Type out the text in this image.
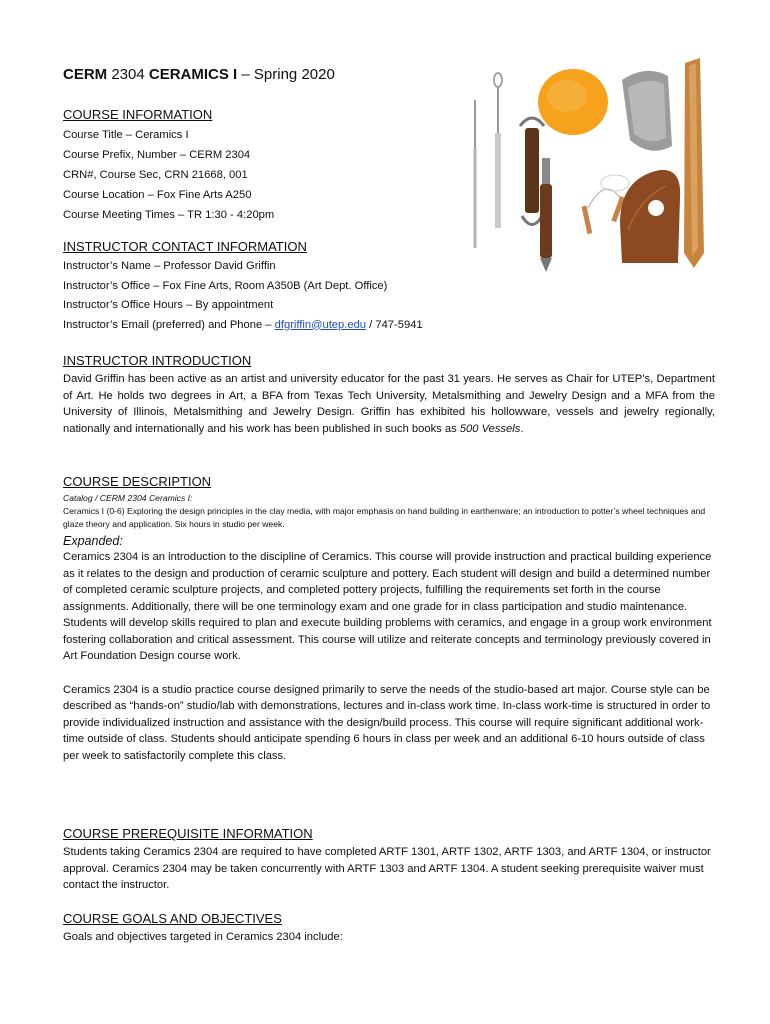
CERM 2304 CERAMICS I – Spring 2020
COURSE INFORMATION
Course Title – Ceramics I
Course Prefix, Number – CERM 2304
CRN#, Course Sec, CRN 21668, 001
Course Location – Fox Fine Arts A250
Course Meeting Times – TR 1:30 - 4:20pm
INSTRUCTOR CONTACT INFORMATION
Instructor’s Name – Professor David Griffin
Instructor’s Office – Fox Fine Arts, Room A350B (Art Dept. Office)
Instructor’s Office Hours – By appointment
Instructor’s Email (preferred) and Phone – dfgriffin@utep.edu / 747-5941
INSTRUCTOR INTRODUCTION
David Griffin has been active as an artist and university educator for the past 31 years. He serves as Chair for UTEP’s, Department of Art. He holds two degrees in Art, a BFA from Texas Tech University, Metalsmithing and Jewelry Design and a MFA from the University of Illinois, Metalsmithing and Jewelry Design. Griffin has exhibited his hollowware, vessels and jewelry regionally, nationally and internationally and his work has been published in such books as 500 Vessels.
COURSE DESCRIPTION
Catalog / CERM 2304 Ceramics I:
Ceramics I (0-6) Exploring the design principles in the clay media, with major emphasis on hand building in earthenware; an introduction to potter’s wheel techniques and glaze theory and application. Six hours in studio per week.
Expanded:
Ceramics 2304 is an introduction to the discipline of Ceramics. This course will provide instruction and practical building experience as it relates to the design and production of ceramic sculpture and pottery. Each student will design and build a determined number of completed ceramic sculpture projects, and completed pottery projects, fulfilling the requirements set forth in the course assignments. Additionally, there will be one terminology exam and one grade for in class participation and studio maintenance. Students will develop skills required to plan and execute building problems with ceramics, and engage in a group work environment fostering collaboration and critical assessment. This course will utilize and reiterate concepts and terminology previously covered in Art Foundation Design course work.
Ceramics 2304 is a studio practice course designed primarily to serve the needs of the studio-based art major. Course style can be described as “hands-on” studio/lab with demonstrations, lectures and in-class work time. In-class work-time is structured in order to provide individualized instruction and assistance with the design/build process. This course will require significant additional work-time outside of class. Students should anticipate spending 6 hours in class per week and an additional 6-10 hours outside of class per week to satisfactorily complete this class.
COURSE PREREQUISITE INFORMATION
Students taking Ceramics 2304 are required to have completed ARTF 1301, ARTF 1302, ARTF 1303, and ARTF 1304, or instructor approval. Ceramics 2304 may be taken concurrently with ARTF 1303 and ARTF 1304. A student seeking prerequisite waiver must contact the instructor.
COURSE GOALS AND OBJECTIVES
Goals and objectives targeted in Ceramics 2304 include:
